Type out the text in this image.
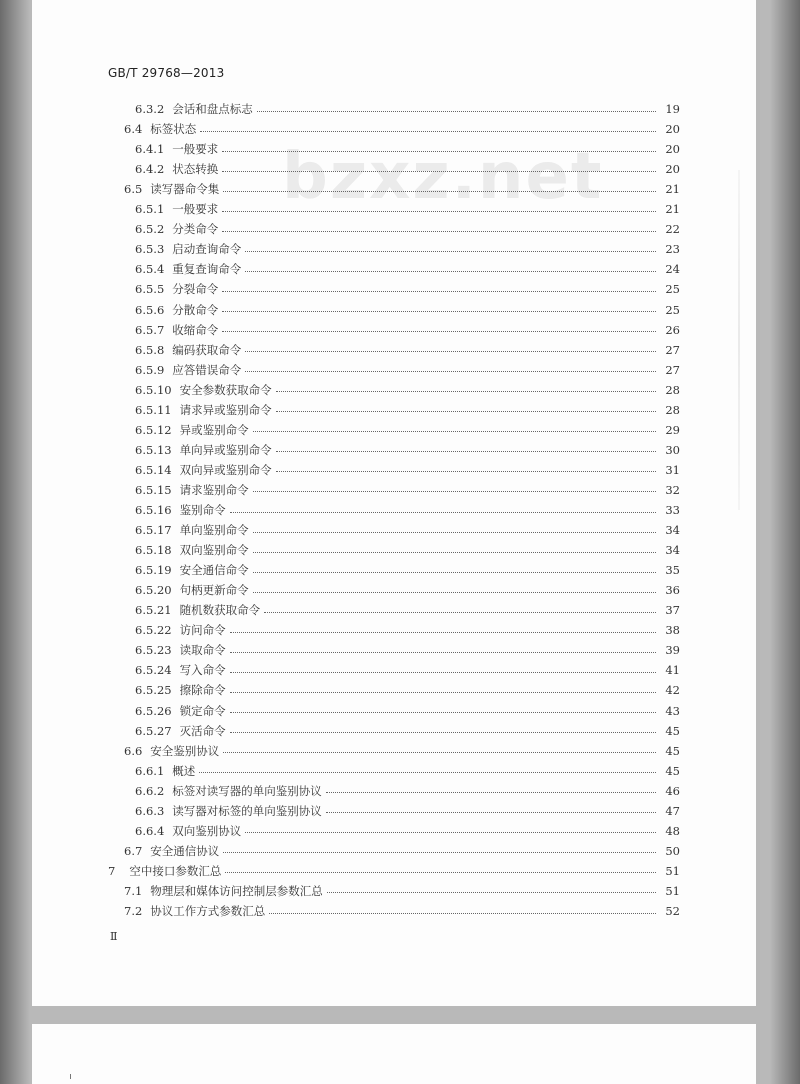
GB/T 29768—2013
bzxz.net
6.3.2 会话和盘点标志	19
6.4 标签状态	20
6.4.1 一般要求	20
6.4.2 状态转换	20
6.5 读写器命令集	21
6.5.1 一般要求	21
6.5.2 分类命令	22
6.5.3 启动查询命令	23
6.5.4 重复查询命令	24
6.5.5 分裂命令	25
6.5.6 分散命令	25
6.5.7 收缩命令	26
6.5.8 编码获取命令	27
6.5.9 应答错误命令	27
6.5.10 安全参数获取命令	28
6.5.11 请求异或鉴别命令	28
6.5.12 异或鉴别命令	29
6.5.13 单向异或鉴别命令	30
6.5.14 双向异或鉴别命令	31
6.5.15 请求鉴别命令	32
6.5.16 鉴别命令	33
6.5.17 单向鉴别命令	34
6.5.18 双向鉴别命令	34
6.5.19 安全通信命令	35
6.5.20 句柄更新命令	36
6.5.21 随机数获取命令	37
6.5.22 访问命令	38
6.5.23 读取命令	39
6.5.24 写入命令	41
6.5.25 擦除命令	42
6.5.26 锁定命令	43
6.5.27 灭活命令	45
6.6 安全鉴别协议	45
6.6.1 概述	45
6.6.2 标签对读写器的单向鉴别协议	46
6.6.3 读写器对标签的单向鉴别协议	47
6.6.4 双向鉴别协议	48
6.7 安全通信协议	50
7 空中接口参数汇总	51
7.1 物理层和媒体访问控制层参数汇总	51
7.2 协议工作方式参数汇总	52
Ⅱ
